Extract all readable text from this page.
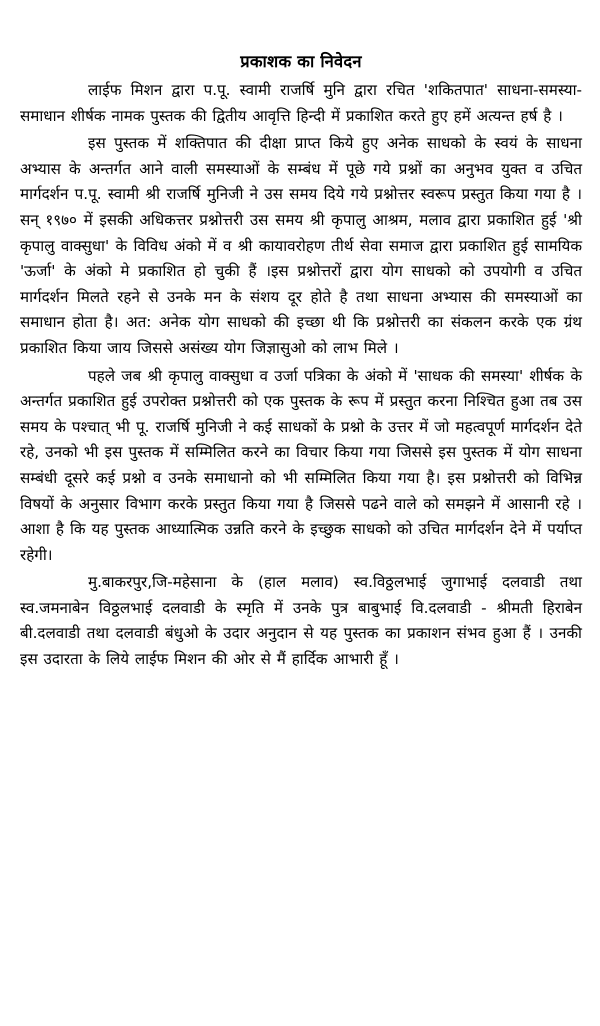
प्रकाशक का निवेदन

लाईफ मिशन द्वारा प.पू. स्वामी राजर्षि मुनि द्वारा रचित 'शकितपात' साधना-समस्या-समाधान शीर्षक नामक पुस्तक की द्वितीय आवृत्ति हिन्दी में प्रकाशित करते हुए हमें अत्यन्त हर्ष है ।

इस पुस्तक में शक्तिपात की दीक्षा प्राप्त किये हुए अनेक साधको के स्वयं के साधना अभ्यास के अन्तर्गत आने वाली समस्याओं के सम्बंध में पूछे गये प्रश्नों का अनुभव युक्त व उचित मार्गदर्शन प.पू. स्वामी श्री राजर्षि मुनिजी ने उस समय दिये गये प्रश्नोत्तर स्वरूप प्रस्तुत किया गया है ।सन् १९७० में इसकी अधिकत्तर प्रश्नोत्तरी उस समय श्री कृपालु आश्रम, मलाव द्वारा प्रकाशित हुई 'श्री कृपालु वाक्सुधा' के विविध अंको में व श्री कायावरोहण तीर्थ सेवा समाज द्वारा प्रकाशित हुई सामयिक 'ऊर्जा' के अंको मे प्रकाशित हो चुकी हैं ।इस प्रश्नोत्तरों द्वारा योग साधको को उपयोगी व उचित मार्गदर्शन मिलते रहने से उनके मन के संशय दूर होते है तथा साधना अभ्यास की समस्याओं का समाधान होता है। अत: अनेक योग साधको की इच्छा थी कि प्रश्नोत्तरी का संकलन करके एक ग्रंथ प्रकाशित किया जाय जिससे असंख्य योग जिज्ञासुओ को लाभ मिले ।

पहले जब श्री कृपालु वाक्सुधा व उर्जा पत्रिका के अंको में 'साधक की समस्या' शीर्षक के अन्तर्गत प्रकाशित हुई उपरोक्त प्रश्नोत्तरी को एक पुस्तक के रूप में प्रस्तुत करना निश्चित हुआ तब उस समय के पश्चात् भी पू. राजर्षि मुनिजी ने कई साधकों के प्रश्नो के उत्तर में जो महत्वपूर्ण मार्गदर्शन देते रहे, उनको भी इस पुस्तक में सम्मिलित करने का विचार किया गया जिससे इस पुस्तक में योग साधना सम्बंधी दूसरे कई प्रश्नो व उनके समाधानो को भी सम्मिलित किया गया है। इस प्रश्नोत्तरी को विभिन्न विषयों के अनुसार विभाग करके प्रस्तुत किया गया है जिससे पढने वाले को समझने में आसानी रहे ।आशा है कि यह पुस्तक आध्यात्मिक उन्नति करने के इच्छुक साधको को उचित मार्गदर्शन देने में पर्याप्त रहेगी।

मु.बाकरपुर,जि-महेसाना के (हाल मलाव) स्व.विठ्ठलभाई जुगाभाई दलवाडी तथा स्व.जमनाबेन विठ्ठलभाई दलवाडी के स्मृति में उनके पुत्र बाबुभाई वि.दलवाडी - श्रीमती हिराबेन बी.दलवाडी तथा दलवाडी बंधुओ के उदार अनुदान से यह पुस्तक का प्रकाशन संभव हुआ हैं । उनकी इस उदारता के लिये लाईफ मिशन की ओर से मैं हार्दिक आभारी हूँ ।
